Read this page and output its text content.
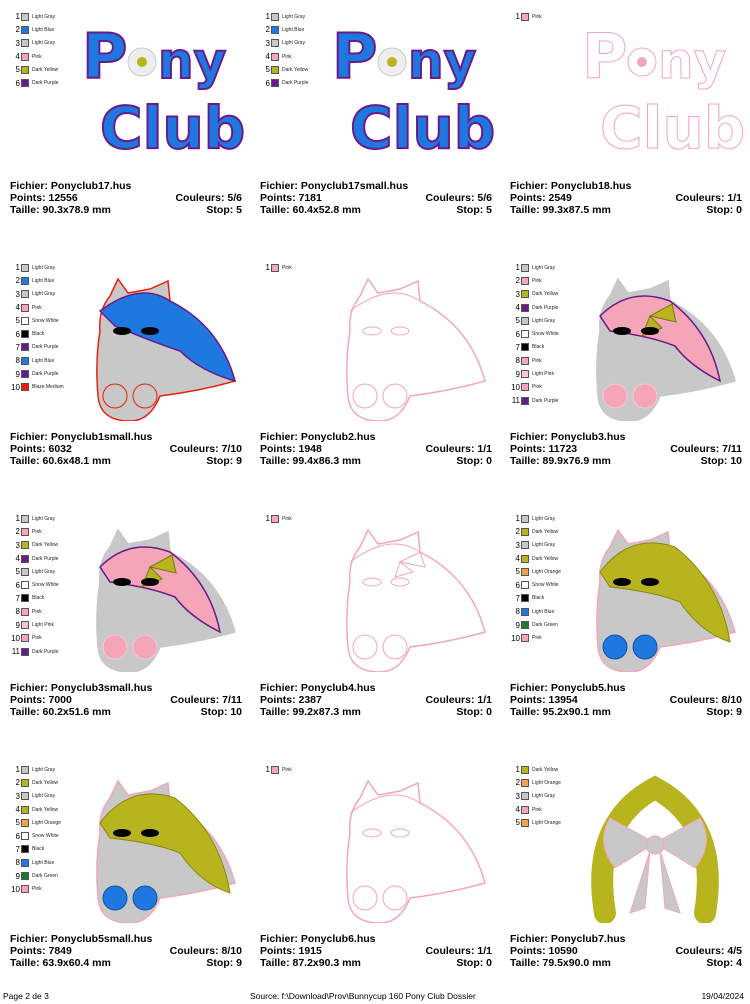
1 Light Gray
2 Light Blue
3 Light Gray
4 Pink
5 Dark Yellow
6 Dark Purple P ny
Club
Fichier: Ponyclub17.hus
Points: 12556	Couleurs: 5/6
Taille: 90.3x78.9 mm	Stop: 5
1 Light Gray
2 Light Blue
3 Light Gray
4 Pink
5 Dark Yellow
6 Dark Purple P ny
Club
Fichier: Ponyclub17small.hus
Points: 7181	Couleurs: 5/6
Taille: 60.4x52.8 mm	Stop: 5
1 Pink
P ny
Club
Fichier: Ponyclub18.hus
Points: 2549	Couleurs: 1/1
Taille: 99.3x87.5 mm	Stop: 0
1 Light Gray
2 Light Blue
3 Light Gray
4 Pink
5 Snow White
6 Black
7 Dark Purple
8 Light Blue
9 Dark Purple
10 Blaze Medium
Fichier: Ponyclub1small.hus
Points: 6032	Couleurs: 7/10
Taille: 60.6x48.1 mm	Stop: 9
1 Pink
Fichier: Ponyclub2.hus
Points: 1948	Couleurs: 1/1
Taille: 99.4x86.3 mm	Stop: 0
1 Light Gray
2 Pink
3 Dark Yellow
4 Dark Purple
5 Light Gray
6 Snow White
7 Black
8 Pink
9 Light Pink
10 Pink
11 Dark Purple
Fichier: Ponyclub3.hus
Points: 11723	Couleurs: 7/11
Taille: 89.9x76.9 mm	Stop: 10
1 Light Gray
2 Pink
3 Dark Yellow
4 Dark Purple
5 Light Gray
6 Snow White
7 Black
8 Pink
9 Light Pink
10 Pink
11 Dark Purple
Fichier: Ponyclub3small.hus
Points: 7000	Couleurs: 7/11
Taille: 60.2x51.6 mm	Stop: 10
1 Pink
Fichier: Ponyclub4.hus
Points: 2387	Couleurs: 1/1
Taille: 99.2x87.3 mm	Stop: 0
1 Light Gray
2 Dark Yellow
3 Light Gray
4 Dark Yellow
5 Light Orange
6 Snow White
7 Black
8 Light Blue
9 Dark Green
10 Pink
Fichier: Ponyclub5.hus
Points: 13954	Couleurs: 8/10
Taille: 95.2x90.1 mm	Stop: 9
1 Light Gray
2 Dark Yellow
3 Light Gray
4 Dark Yellow
5 Light Orange
6 Snow White
7 Black
8 Light Blue
9 Dark Green
10 Pink
Fichier: Ponyclub5small.hus
Points: 7849	Couleurs: 8/10
Taille: 63.9x60.4 mm	Stop: 9
1 Pink
Fichier: Ponyclub6.hus
Points: 1915	Couleurs: 1/1
Taille: 87.2x90.3 mm	Stop: 0
1 Dark Yellow
2 Light Orange
3 Light Gray
4 Pink
5 Light Orange
Fichier: Ponyclub7.hus
Points: 10590	Couleurs: 4/5
Taille: 79.5x90.0 mm	Stop: 4
Page 2 de 3	Source: f:\Download\Prov\Bunnycup 160 Pony Club Dossier	19/04/2024
